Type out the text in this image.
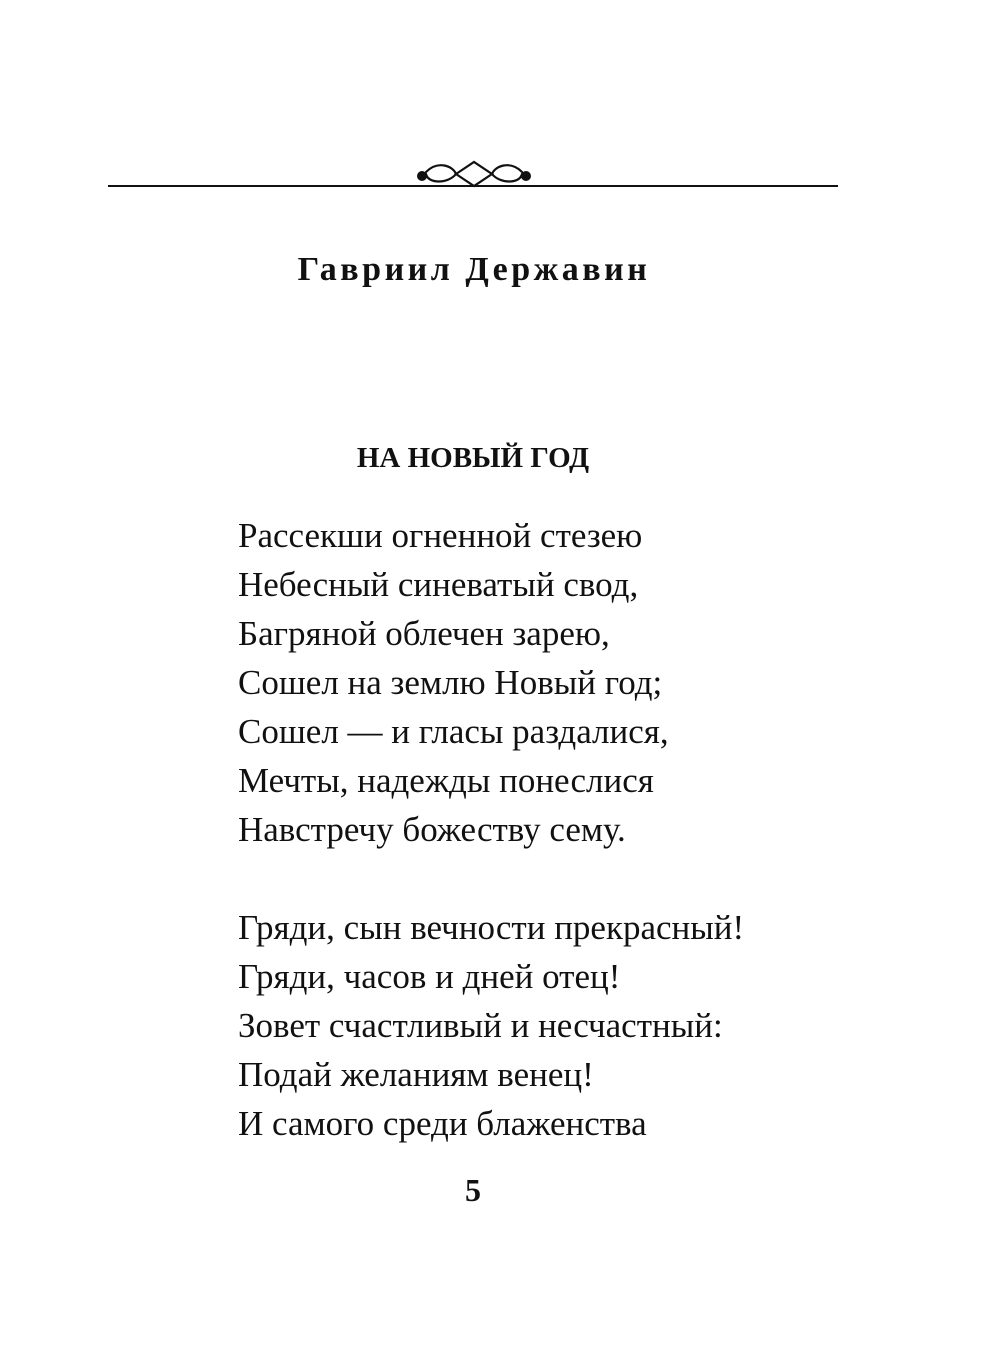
Гавриил Державин
НА НОВЫЙ ГОД
Рассекши огненной стезею
Небесный синеватый свод,
Багряной облечен зарею,
Сошел на землю Новый год;
Сошел — и гласы раздалися,
Мечты, надежды понеслися
Навстречу божеству сему.
Гряди, сын вечности прекрасный!
Гряди, часов и дней отец!
Зовет счастливый и несчастный:
Подай желаниям венец!
И самого среди блаженства
5
